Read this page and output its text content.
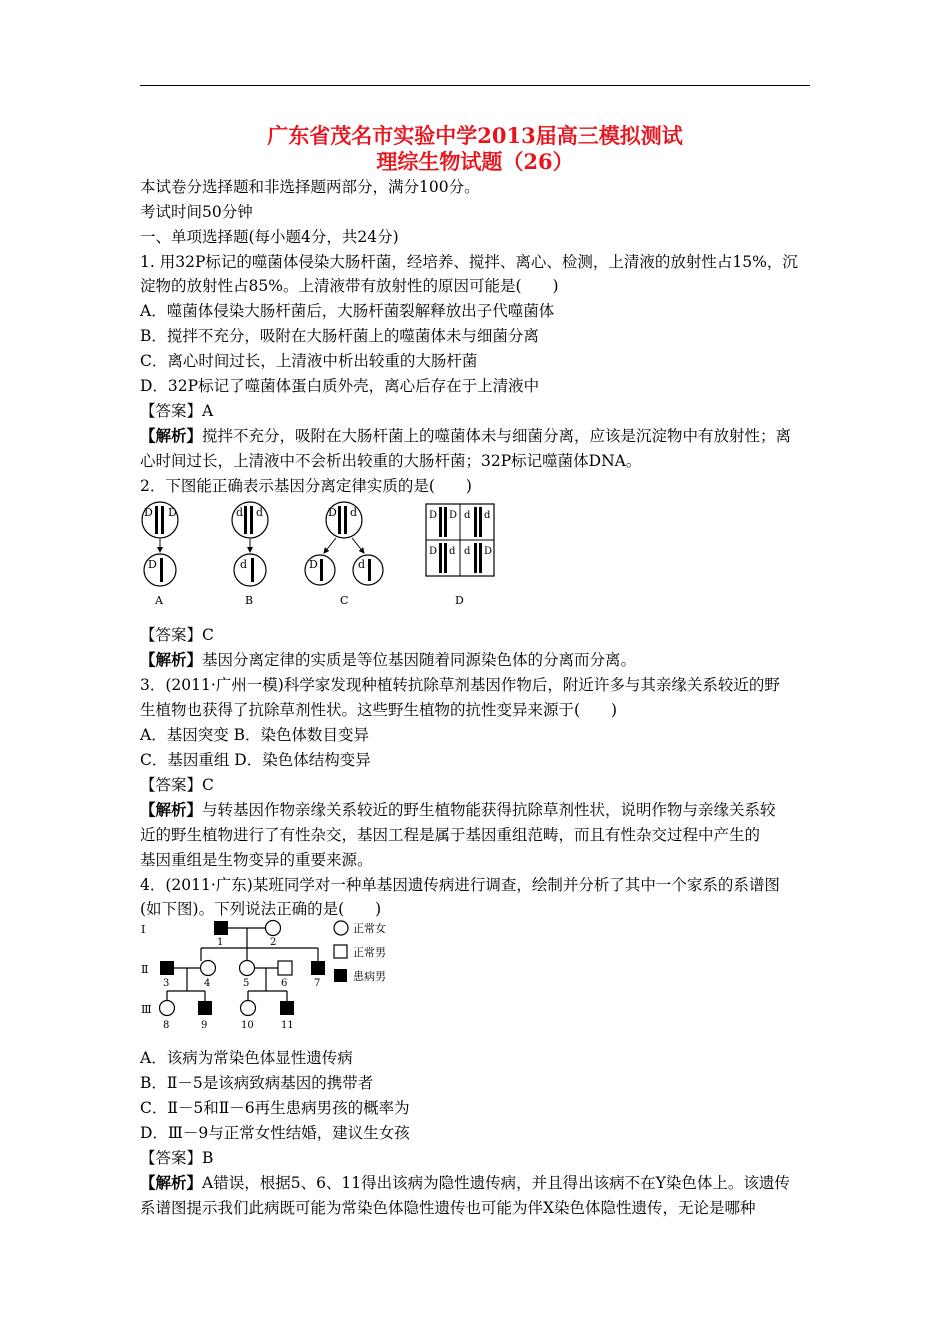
广东省茂名市实验中学2013届高三模拟测试
理综生物试题（26）
本试卷分选择题和非选择题两部分，满分100分。
考试时间50分钟
一、单项选择题(每小题4分，共24分)
1. 用32P标记的噬菌体侵染大肠杆菌，经培养、搅拌、离心、检测，上清液的放射性占15%，沉
淀物的放射性占85%。上清液带有放射性的原因可能是(　　)
A．噬菌体侵染大肠杆菌后，大肠杆菌裂解释放出子代噬菌体
B．搅拌不充分，吸附在大肠杆菌上的噬菌体未与细菌分离
C．离心时间过长，上清液中析出较重的大肠杆菌
D．32P标记了噬菌体蛋白质外壳，离心后存在于上清液中
【答案】A
【解析】搅拌不充分，吸附在大肠杆菌上的噬菌体未与细菌分离，应该是沉淀物中有放射性；离
心时间过长，上清液中不会析出较重的大肠杆菌；32P标记噬菌体DNA。
2．下图能正确表示基因分离定律实质的是(　　)
D D
D
A
d d
d
B
D d
D	d
C
D D d d
D d d D
D
【答案】C
【解析】基因分离定律的实质是等位基因随着同源染色体的分离而分离。
3．(2011·广州一模)科学家发现种植转抗除草剂基因作物后，附近许多与其亲缘关系较近的野
生植物也获得了抗除草剂性状。这些野生植物的抗性变异来源于(　　)
A．基因突变 B．染色体数目变异
C．基因重组 D．染色体结构变异
【答案】C
【解析】与转基因作物亲缘关系较近的野生植物能获得抗除草剂性状，说明作物与亲缘关系较
近的野生植物进行了有性杂交，基因工程是属于基因重组范畴，而且有性杂交过程中产生的
基因重组是生物变异的重要来源。
4．(2011·广东)某班同学对一种单基因遗传病进行调查，绘制并分析了其中一个家系的系谱图
(如下图)。下列说法正确的是(　　)
Ⅰ
Ⅱ
Ⅲ
1	2
3	4	5	6	7
8	9	10	11
正常女
正常男
患病男
A．该病为常染色体显性遗传病
B．Ⅱ－5是该病致病基因的携带者
C．Ⅱ－5和Ⅱ－6再生患病男孩的概率为
D．Ⅲ－9与正常女性结婚，建议生女孩
【答案】B
【解析】A错误，根据5、6、11得出该病为隐性遗传病，并且得出该病不在Y染色体上。该遗传
系谱图提示我们此病既可能为常染色体隐性遗传也可能为伴X染色体隐性遗传，无论是哪种
